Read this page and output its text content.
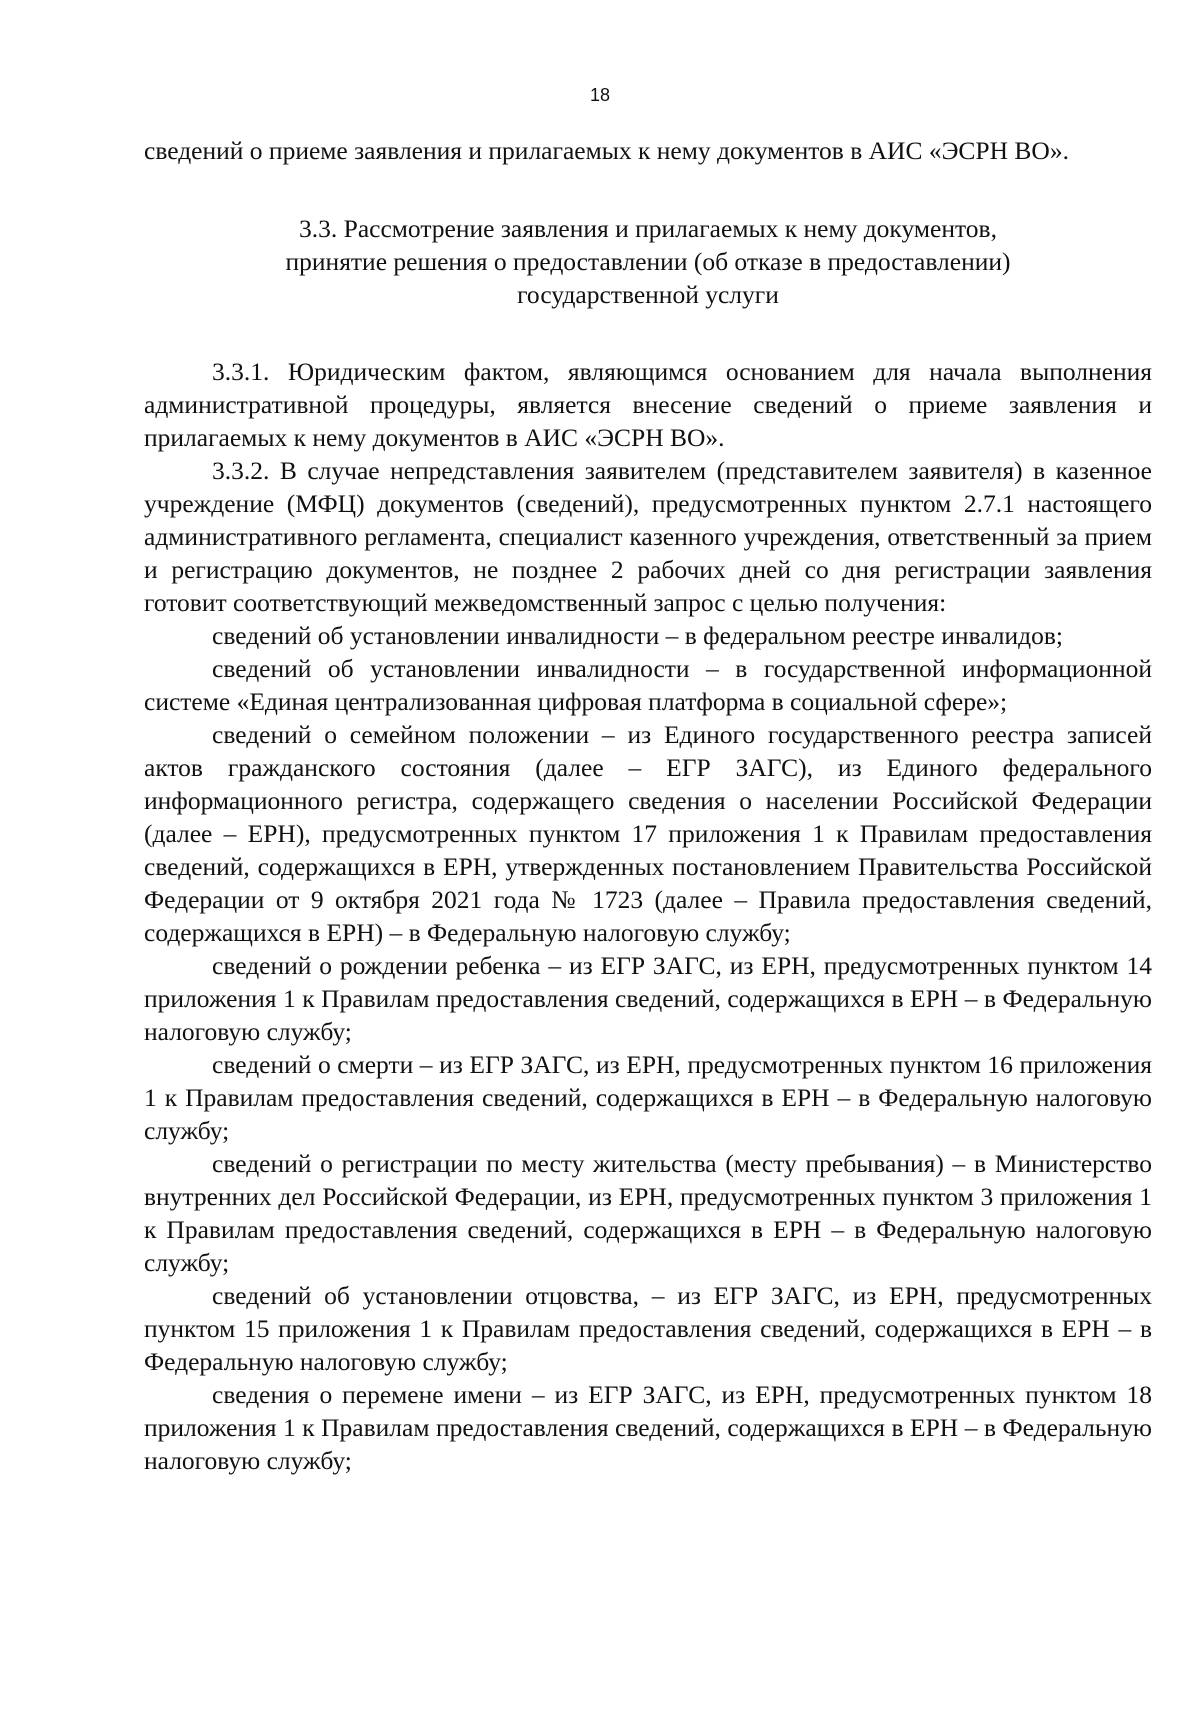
18

сведений о приеме заявления и прилагаемых к нему документов в АИС «ЭСРН ВО».

3.3. Рассмотрение заявления и прилагаемых к нему документов,
принятие решения о предоставлении (об отказе в предоставлении)
государственной услуги

3.3.1. Юридическим фактом, являющимся основанием для начала выполнения административной процедуры, является внесение сведений о приеме заявления и прилагаемых к нему документов в АИС «ЭСРН ВО».

3.3.2. В случае непредставления заявителем (представителем заявителя) в казенное учреждение (МФЦ) документов (сведений), предусмотренных пунктом 2.7.1 настоящего административного регламента, специалист казенного учреждения, ответственный за прием и регистрацию документов, не позднее 2 рабочих дней со дня регистрации заявления готовит соответствующий межведомственный запрос с целью получения:

сведений об установлении инвалидности – в федеральном реестре инвалидов;

сведений об установлении инвалидности – в государственной информационной системе «Единая централизованная цифровая платформа в социальной сфере»;

сведений о семейном положении – из Единого государственного реестра записей актов гражданского состояния (далее – ЕГР ЗАГС), из Единого федерального информационного регистра, содержащего сведения о населении Российской Федерации (далее – ЕРН), предусмотренных пунктом 17 приложения 1 к Правилам предоставления сведений, содержащихся в ЕРН, утвержденных постановлением Правительства Российской Федерации от 9 октября 2021 года № 1723 (далее – Правила предоставления сведений, содержащихся в ЕРН) – в Федеральную налоговую службу;

сведений о рождении ребенка – из ЕГР ЗАГС, из ЕРН, предусмотренных пунктом 14 приложения 1 к Правилам предоставления сведений, содержащихся в ЕРН – в Федеральную налоговую службу;

сведений о смерти – из ЕГР ЗАГС, из ЕРН, предусмотренных пунктом 16 приложения 1 к Правилам предоставления сведений, содержащихся в ЕРН – в Федеральную налоговую службу;

сведений о регистрации по месту жительства (месту пребывания) – в Министерство внутренних дел Российской Федерации, из ЕРН, предусмотренных пунктом 3 приложения 1 к Правилам предоставления сведений, содержащихся в ЕРН – в Федеральную налоговую службу;

сведений об установлении отцовства, – из ЕГР ЗАГС, из ЕРН, предусмотренных пунктом 15 приложения 1 к Правилам предоставления сведений, содержащихся в ЕРН – в Федеральную налоговую службу;

сведения о перемене имени – из ЕГР ЗАГС, из ЕРН, предусмотренных пунктом 18 приложения 1 к Правилам предоставления сведений, содержащихся в ЕРН – в Федеральную налоговую службу;
